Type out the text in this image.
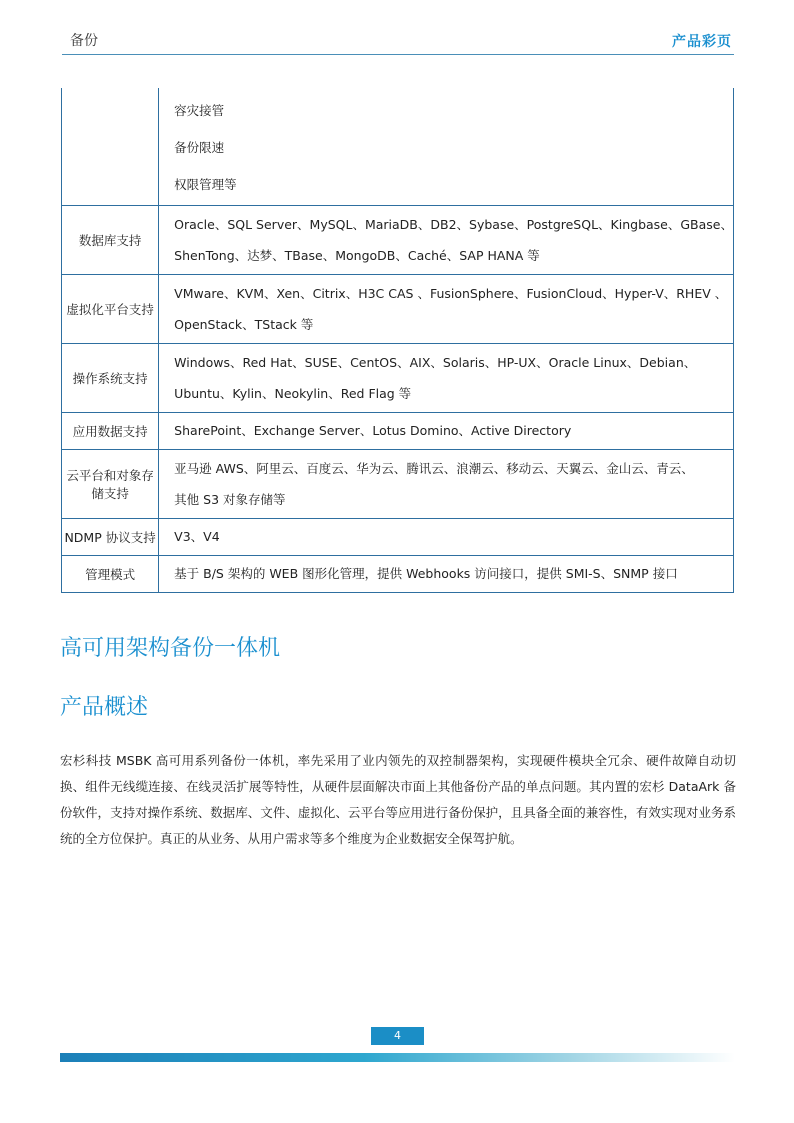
备份	产品彩页

	容灾接管
备份限速
权限管理等

数据库支持	Oracle、SQL Server、MySQL、MariaDB、DB2、Sybase、PostgreSQL、Kingbase、GBase、
ShenTong、达梦、TBase、MongoDB、Caché、SAP HANA 等

虚拟化平台支持	VMware、KVM、Xen、Citrix、H3C CAS 、FusionSphere、FusionCloud、Hyper-V、RHEV 、
OpenStack、TStack 等

操作系统支持	Windows、Red Hat、SUSE、CentOS、AIX、Solaris、HP-UX、Oracle Linux、Debian、
Ubuntu、Kylin、Neokylin、Red Flag 等

应用数据支持	SharePoint、Exchange Server、Lotus Domino、Active Directory

云平台和对象存储支持	亚马逊 AWS、阿里云、百度云、华为云、腾讯云、浪潮云、移动云、天翼云、金山云、青云、
其他 S3 对象存储等

NDMP 协议支持	V3、V4

管理模式	基于 B/S 架构的 WEB 图形化管理，提供 Webhooks 访问接口，提供 SMI-S、SNMP 接口
高可用架构备份一体机
产品概述
宏杉科技 MSBK 高可用系列备份一体机，率先采用了业内领先的双控制器架构，实现硬件模块全冗余、硬件故障自动切换、组件无线缆连接、在线灵活扩展等特性，从硬件层面解决市面上其他备份产品的单点问题。其内置的宏杉 DataArk 备份软件，支持对操作系统、数据库、文件、虚拟化、云平台等应用进行备份保护，且具备全面的兼容性，有效实现对业务系统的全方位保护。真正的从业务、从用户需求等多个维度为企业数据安全保驾护航。
4
